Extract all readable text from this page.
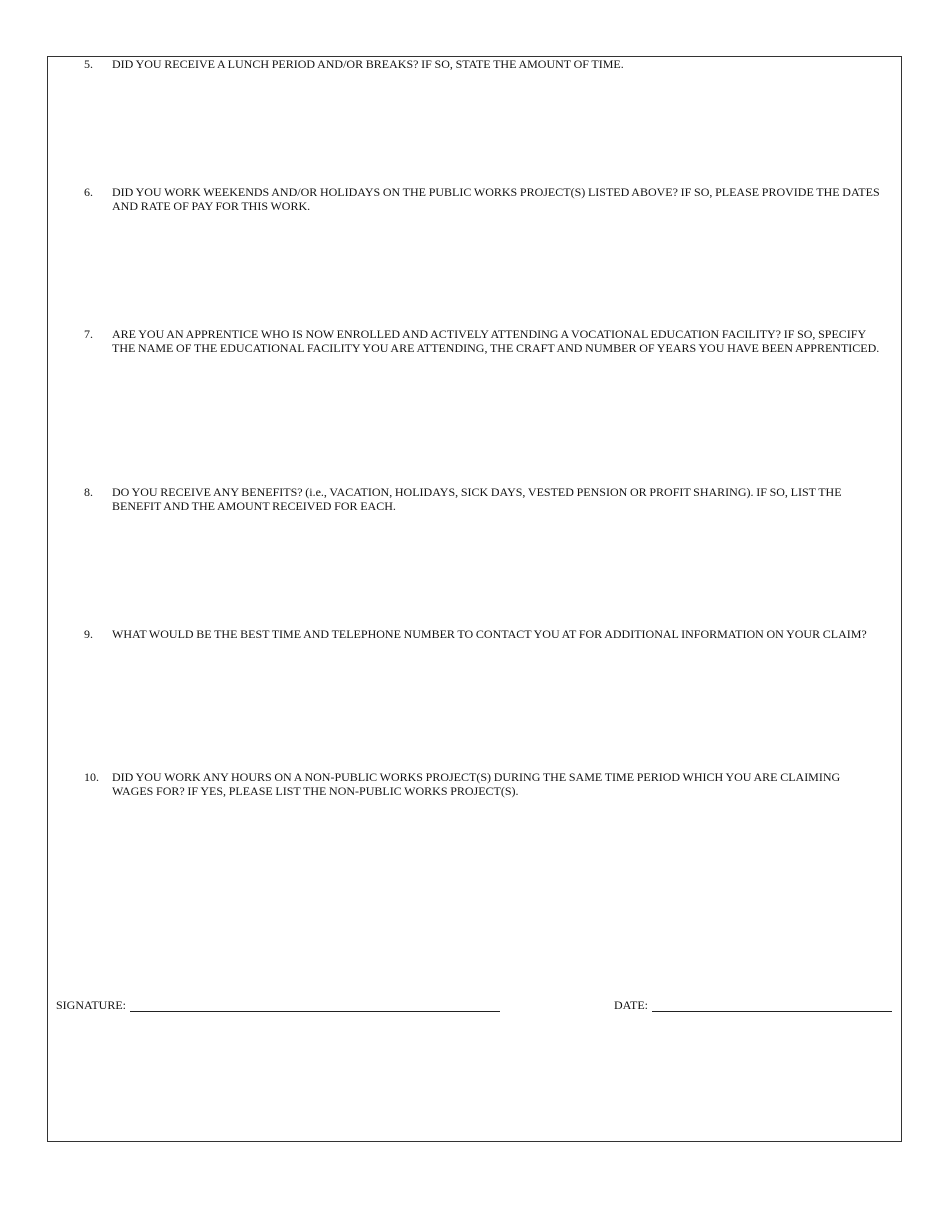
5.	DID YOU RECEIVE A LUNCH PERIOD AND/OR BREAKS? IF SO, STATE THE AMOUNT OF TIME.
6.	DID YOU WORK WEEKENDS AND/OR HOLIDAYS ON THE PUBLIC WORKS PROJECT(S) LISTED ABOVE? IF SO, PLEASE PROVIDE THE DATES AND RATE OF PAY FOR THIS WORK.
7.	ARE YOU AN APPRENTICE WHO IS NOW ENROLLED AND ACTIVELY ATTENDING A VOCATIONAL EDUCATION FACILITY? IF SO, SPECIFY THE NAME OF THE EDUCATIONAL FACILITY YOU ARE ATTENDING, THE CRAFT AND NUMBER OF YEARS YOU HAVE BEEN APPRENTICED.
8.	DO YOU RECEIVE ANY BENEFITS? (i.e., VACATION, HOLIDAYS, SICK DAYS, VESTED PENSION OR PROFIT SHARING). IF SO, LIST THE BENEFIT AND THE AMOUNT RECEIVED FOR EACH.
9.	WHAT WOULD BE THE BEST TIME AND TELEPHONE NUMBER TO CONTACT YOU AT FOR ADDITIONAL INFORMATION ON YOUR CLAIM?
10.	DID YOU WORK ANY HOURS ON A NON-PUBLIC WORKS PROJECT(S) DURING THE SAME TIME PERIOD WHICH YOU ARE CLAIMING WAGES FOR? IF YES, PLEASE LIST THE NON-PUBLIC WORKS PROJECT(S).
SIGNATURE:	DATE:
